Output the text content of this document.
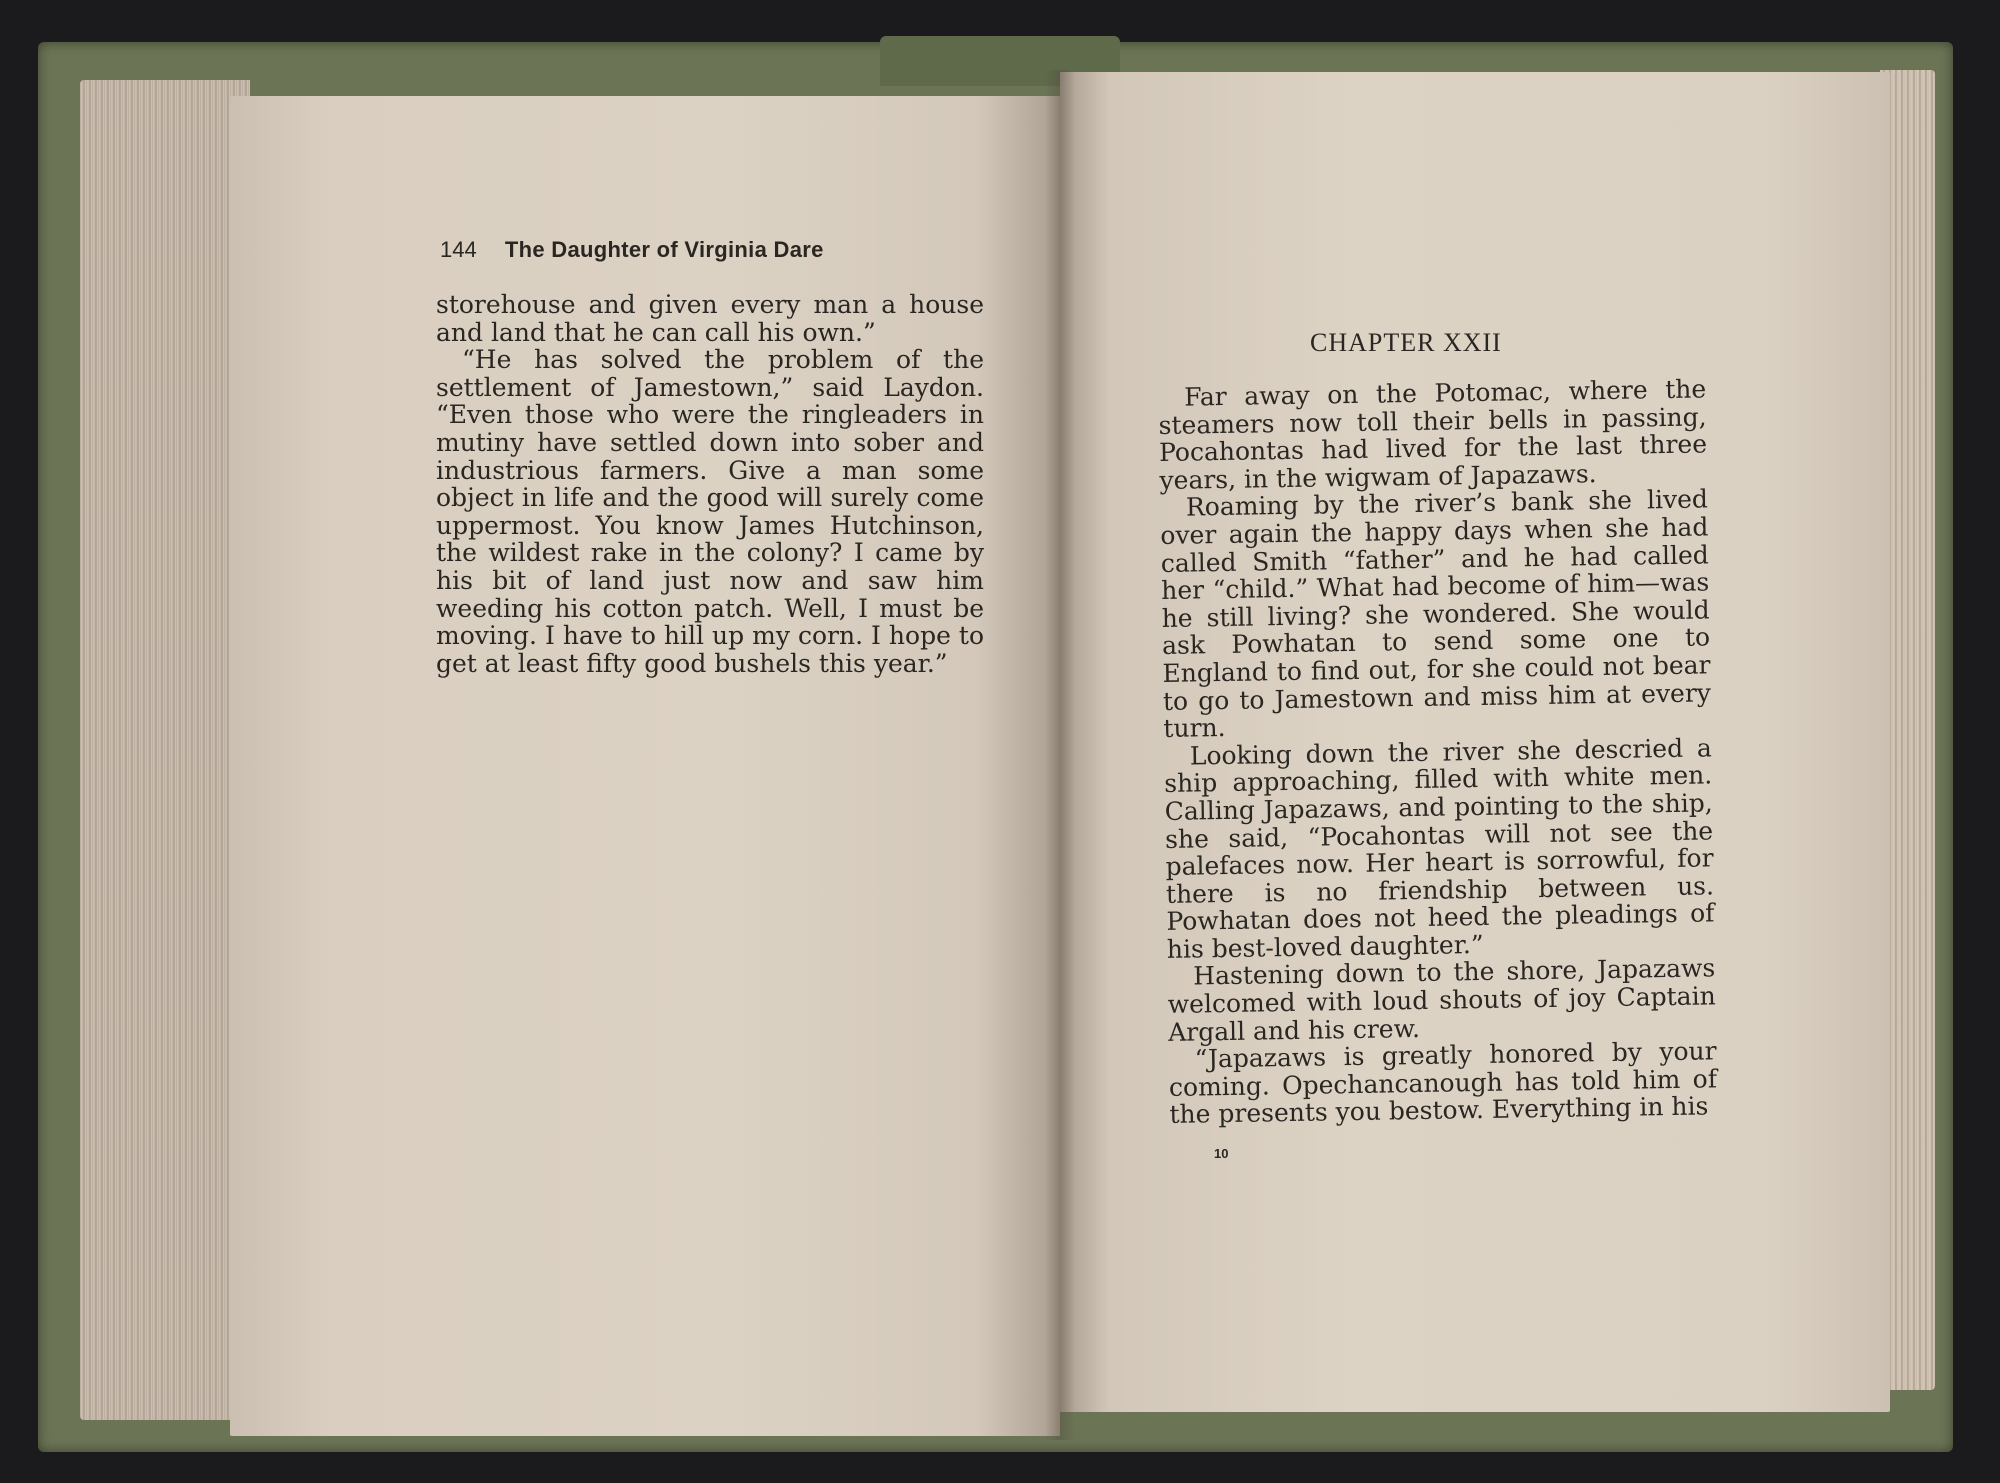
144 The Daughter of Virginia Dare

storehouse and given every man a house and land that he can call his own.”

“He has solved the problem of the settlement of Jamestown,” said Laydon. “Even those who were the ringleaders in mutiny have settled down into sober and industrious farmers. Give a man some object in life and the good will surely come uppermost. You know James Hutchinson, the wildest rake in the colony? I came by his bit of land just now and saw him weeding his cotton patch. Well, I must be moving. I have to hill up my corn. I hope to get at least fifty good bushels this year.”

CHAPTER XXII

Far away on the Potomac, where the steamers now toll their bells in passing, Pocahontas had lived for the last three years, in the wigwam of Japazaws.

Roaming by the river’s bank she lived over again the happy days when she had called Smith “father” and he had called her “child.” What had become of him—was he still living? she wondered. She would ask Powhatan to send some one to England to find out, for she could not bear to go to Jamestown and miss him at every turn.

Looking down the river she descried a ship approaching, filled with white men. Calling Japazaws, and pointing to the ship, she said, “Pocahontas will not see the palefaces now. Her heart is sorrowful, for there is no friendship between us. Powhatan does not heed the pleadings of his best-loved daughter.”

Hastening down to the shore, Japazaws welcomed with loud shouts of joy Captain Argall and his crew.

“Japazaws is greatly honored by your coming. Opechancanough has told him of the presents you bestow. Everything in his

10
